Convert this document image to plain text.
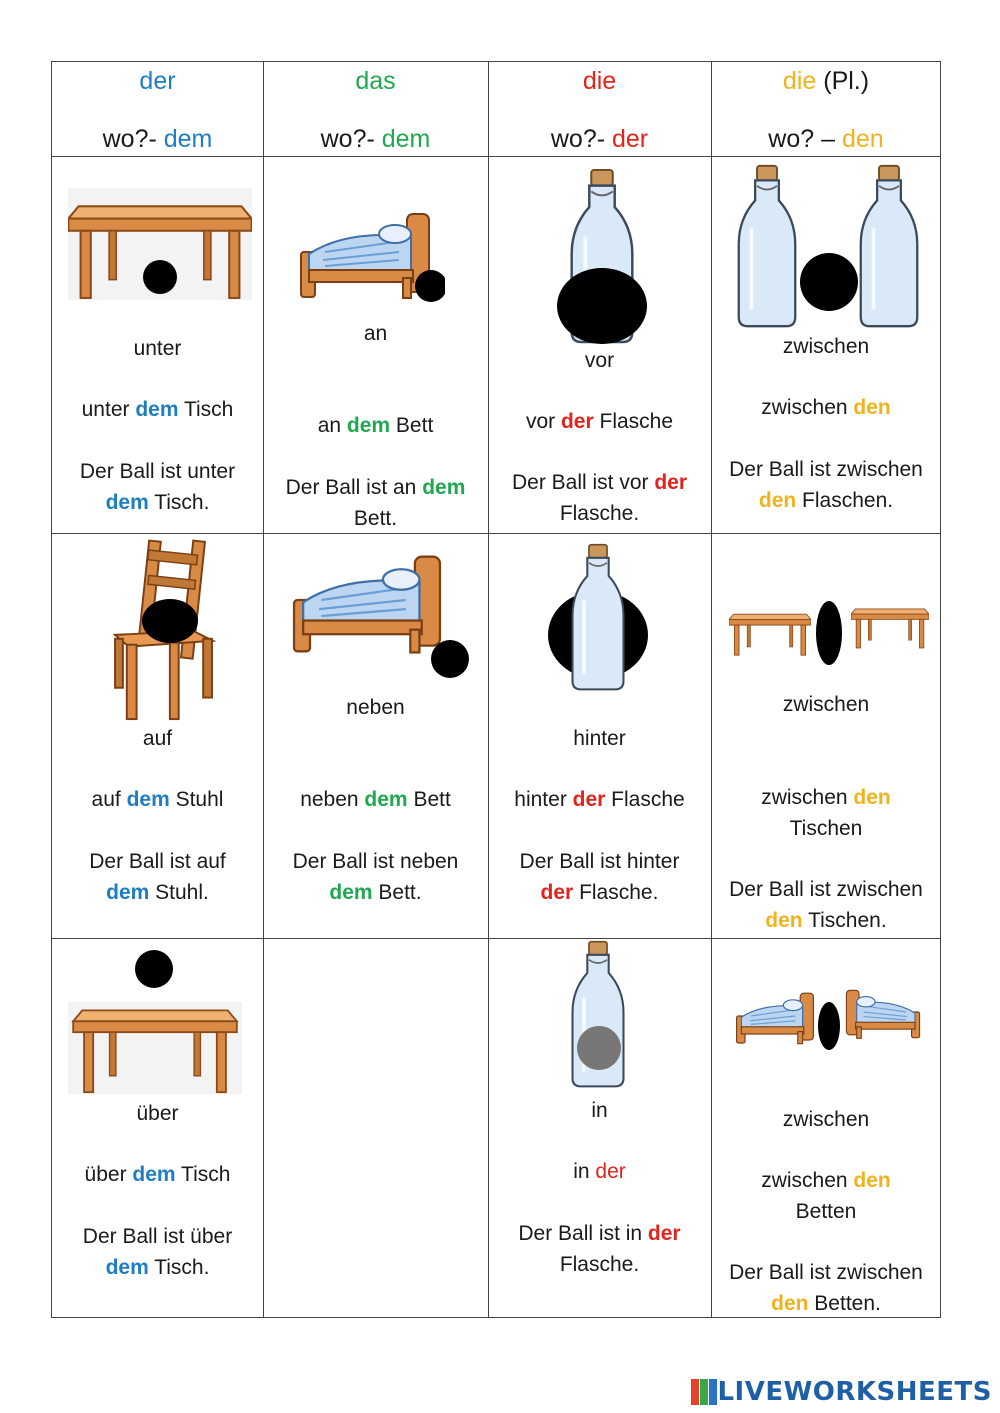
der
wo?- dem
das
wo?- dem
die
wo?- der
die (Pl.)
wo? – den
unter
unter dem Tisch
Der Ball ist unter
dem Tisch.
an
an dem Bett
Der Ball ist an dem
Bett.
vor
vor der Flasche
Der Ball ist vor der
Flasche.
zwischen
zwischen den
Der Ball ist zwischen
den Flaschen.
auf
auf dem Stuhl
Der Ball ist auf
dem Stuhl.
neben
neben dem Bett
Der Ball ist neben
dem Bett.
hinter
hinter der Flasche
Der Ball ist hinter
der Flasche.
zwischen
zwischen den
Tischen
Der Ball ist zwischen
den Tischen.
über
über dem Tisch
Der Ball ist über
dem Tisch.
in
in der
Der Ball ist in der
Flasche.
zwischen
zwischen den
Betten
Der Ball ist zwischen
den Betten.
LIVEWORKSHEETS
